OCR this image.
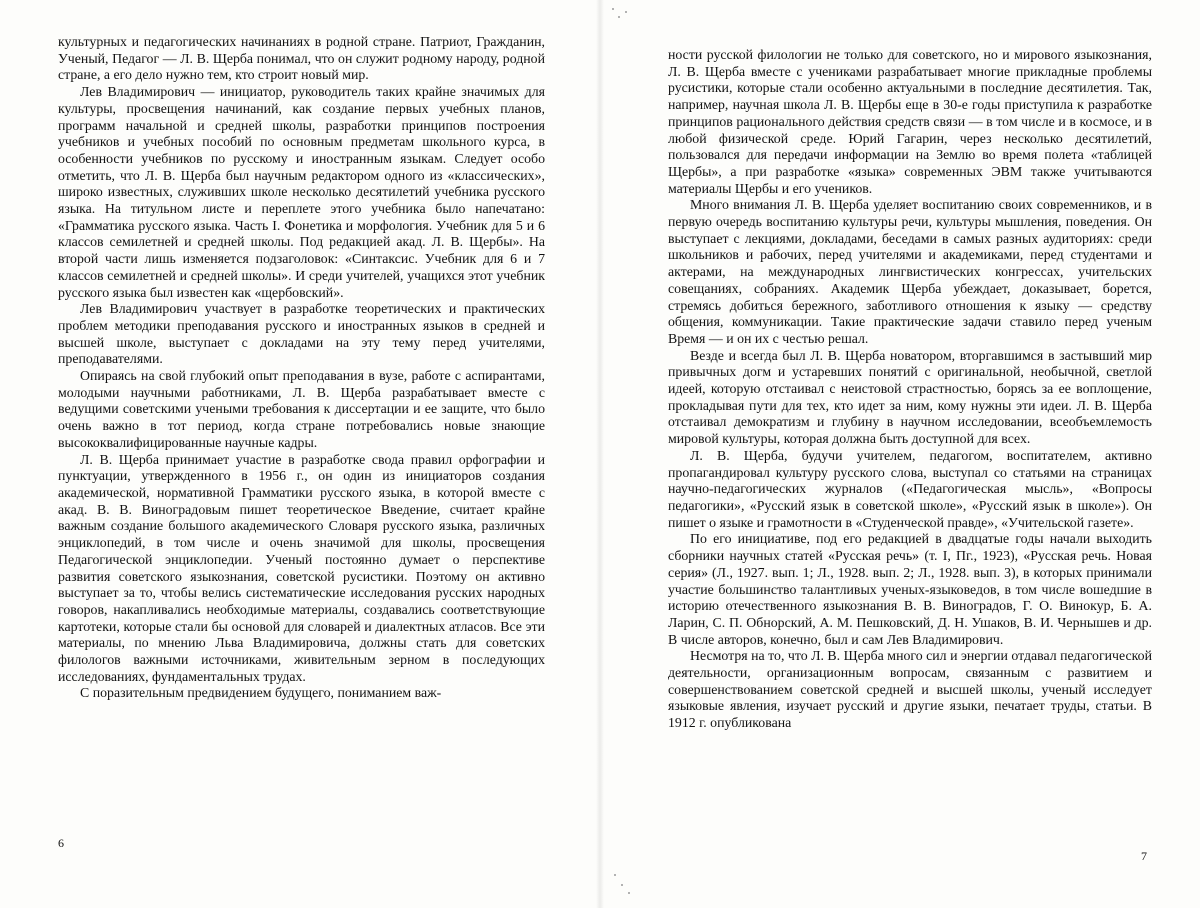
культурных и педагогических начинаниях в родной стране. Патриот, Гражданин, Ученый, Педагог — Л. В. Щерба понимал, что он служит родному народу, родной стране, а его дело нужно тем, кто строит новый мир.

Лев Владимирович — инициатор, руководитель таких крайне значимых для культуры, просвещения начинаний, как создание первых учебных планов, программ начальной и средней школы, разработки принципов построения учебников и учебных пособий по основным предметам школьного курса, в особенности учебников по русскому и иностранным языкам. Следует особо отметить, что Л. В. Щерба был научным редактором одного из «классических», широко известных, служивших школе несколько десятилетий учебника русского языка. На титульном листе и переплете этого учебника было напечатано: «Грамматика русского языка. Часть I. Фонетика и морфология. Учебник для 5 и 6 классов семилетней и средней школы. Под редакцией акад. Л. В. Щербы». На второй части лишь изменяется подзаголовок: «Синтаксис. Учебник для 6 и 7 классов семилетней и средней школы». И среди учителей, учащихся этот учебник русского языка был известен как «щербовский».

Лев Владимирович участвует в разработке теоретических и практических проблем методики преподавания русского и иностранных языков в средней и высшей школе, выступает с докладами на эту тему перед учителями, преподавателями.

Опираясь на свой глубокий опыт преподавания в вузе, работе с аспирантами, молодыми научными работниками, Л. В. Щерба разрабатывает вместе с ведущими советскими учеными требования к диссертации и ее защите, что было очень важно в тот период, когда стране потребовались новые знающие высококвалифицированные научные кадры.

Л. В. Щерба принимает участие в разработке свода правил орфографии и пунктуации, утвержденного в 1956 г., он один из инициаторов создания академической, нормативной Грамматики русского языка, в которой вместе с акад. В. В. Виноградовым пишет теоретическое Введение, считает крайне важным создание большого академического Словаря русского языка, различных энциклопедий, в том числе и очень значимой для школы, просвещения Педагогической энциклопедии. Ученый постоянно думает о перспективе развития советского языкознания, советской русистики. Поэтому он активно выступает за то, чтобы велись систематические исследования русских народных говоров, накапливались необходимые материалы, создавались соответствующие картотеки, которые стали бы основой для словарей и диалектных атласов. Все эти материалы, по мнению Льва Владимировича, должны стать для советских филологов важными источниками, живительным зерном в последующих исследованиях, фундаментальных трудах.

С поразительным предвидением будущего, пониманием важ-

6

ности русской филологии не только для советского, но и мирового языкознания, Л. В. Щерба вместе с учениками разрабатывает многие прикладные проблемы русистики, которые стали особенно актуальными в последние десятилетия. Так, например, научная школа Л. В. Щербы еще в 30-е годы приступила к разработке принципов рационального действия средств связи — в том числе и в космосе, и в любой физической среде. Юрий Гагарин, через несколько десятилетий, пользовался для передачи информации на Землю во время полета «таблицей Щербы», а при разработке «языка» современных ЭВМ также учитываются материалы Щербы и его учеников.

Много внимания Л. В. Щерба уделяет воспитанию своих современников, и в первую очередь воспитанию культуры речи, культуры мышления, поведения. Он выступает с лекциями, докладами, беседами в самых разных аудиториях: среди школьников и рабочих, перед учителями и академиками, перед студентами и актерами, на международных лингвистических конгрессах, учительских совещаниях, собраниях. Академик Щерба убеждает, доказывает, борется, стремясь добиться бережного, заботливого отношения к языку — средству общения, коммуникации. Такие практические задачи ставило перед ученым Время — и он их с честью решал.

Везде и всегда был Л. В. Щерба новатором, вторгавшимся в застывший мир привычных догм и устаревших понятий с оригинальной, необычной, светлой идеей, которую отстаивал с неистовой страстностью, борясь за ее воплощение, прокладывая пути для тех, кто идет за ним, кому нужны эти идеи. Л. В. Щерба отстаивал демократизм и глубину в научном исследовании, всеобъемлемость мировой культуры, которая должна быть доступной для всех.

Л. В. Щерба, будучи учителем, педагогом, воспитателем, активно пропагандировал культуру русского слова, выступал со статьями на страницах научно-педагогических журналов («Педагогическая мысль», «Вопросы педагогики», «Русский язык в советской школе», «Русский язык в школе»). Он пишет о языке и грамотности в «Студенческой правде», «Учительской газете».

По его инициативе, под его редакцией в двадцатые годы начали выходить сборники научных статей «Русская речь» (т. I, Пг., 1923), «Русская речь. Новая серия» (Л., 1927. вып. 1; Л., 1928. вып. 2; Л., 1928. вып. 3), в которых принимали участие большинство талантливых ученых-языковедов, в том числе вошедшие в историю отечественного языкознания В. В. Виноградов, Г. О. Винокур, Б. А. Ларин, С. П. Обнорский, А. М. Пешковский, Д. Н. Ушаков, В. И. Чернышев и др. В числе авторов, конечно, был и сам Лев Владимирович.

Несмотря на то, что Л. В. Щерба много сил и энергии отдавал педагогической деятельности, организационным вопросам, связанным с развитием и совершенствованием советской средней и высшей школы, ученый исследует языковые явления, изучает русский и другие языки, печатает труды, статьи. В 1912 г. опубликована

7
